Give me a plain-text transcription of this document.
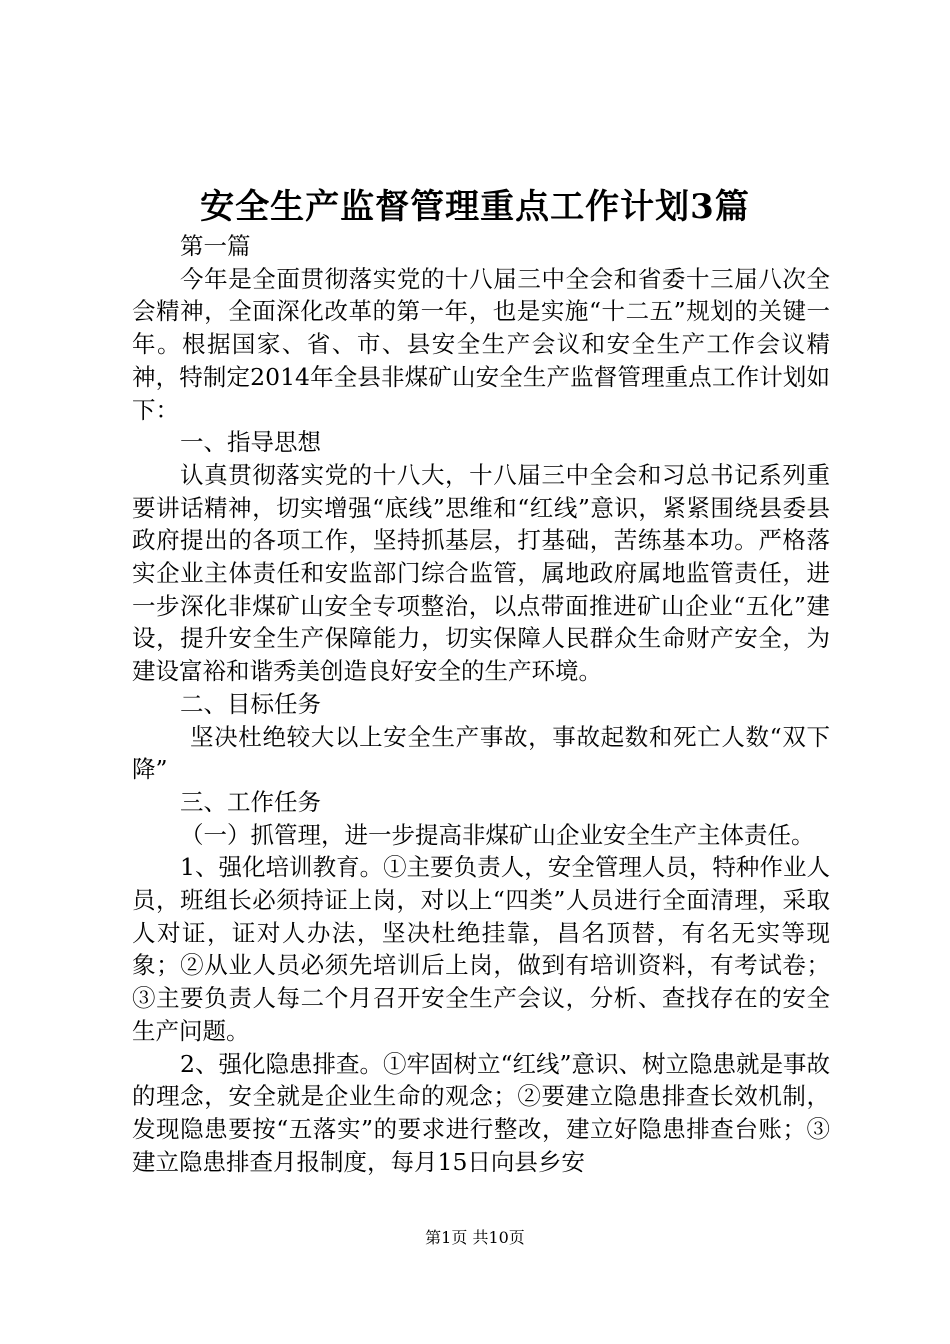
安全生产监督管理重点工作计划3篇

第一篇

今年是全面贯彻落实党的十八届三中全会和省委十三届八次全会精神，全面深化改革的第一年，也是实施“十二五”规划的关键一年。根据国家、省、市、县安全生产会议和安全生产工作会议精神，特制定2014年全县非煤矿山安全生产监督管理重点工作计划如下：

一、指导思想

认真贯彻落实党的十八大，十八届三中全会和习总书记系列重要讲话精神，切实增强“底线”思维和“红线”意识，紧紧围绕县委县政府提出的各项工作，坚持抓基层，打基础，苦练基本功。严格落实企业主体责任和安监部门综合监管，属地政府属地监管责任，进一步深化非煤矿山安全专项整治，以点带面推进矿山企业“五化”建设，提升安全生产保障能力，切实保障人民群众生命财产安全，为建设富裕和谐秀美创造良好安全的生产环境。

二、目标任务

坚决杜绝较大以上安全生产事故，事故起数和死亡人数“双下降”

三、工作任务

（一）抓管理，进一步提高非煤矿山企业安全生产主体责任。

1、强化培训教育。①主要负责人，安全管理人员，特种作业人员，班组长必须持证上岗，对以上“四类”人员进行全面清理，采取人对证，证对人办法，坚决杜绝挂靠，昌名顶替，有名无实等现象；②从业人员必须先培训后上岗，做到有培训资料，有考试卷；③主要负责人每二个月召开安全生产会议，分析、查找存在的安全生产问题。

2、强化隐患排查。①牢固树立“红线”意识、树立隐患就是事故的理念，安全就是企业生命的观念；②要建立隐患排查长效机制，发现隐患要按“五落实”的要求进行整改，建立好隐患排查台账；③建立隐患排查月报制度，每月15日向县乡安

第1页 共10页
